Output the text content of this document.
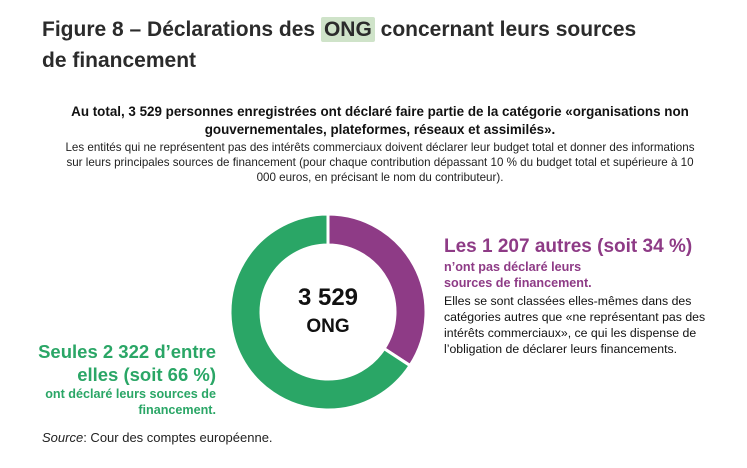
Figure 8 – Déclarations des ONG concernant leurs sources de financement
Au total, 3 529 personnes enregistrées ont déclaré faire partie de la catégorie «organisations non gouvernementales, plateformes, réseaux et assimilés».
Les entités qui ne représentent pas des intérêts commerciaux doivent déclarer leur budget total et donner des informations sur leurs principales sources de financement (pour chaque contribution dépassant 10 % du budget total et supérieure à 10 000 euros, en précisant le nom du contributeur).
3 529
ONG
Les 1 207 autres (soit 34 %)
n’ont pas déclaré leurs sources de financement.
Elles se sont classées elles-mêmes dans des catégories autres que «ne représentant pas des intérêts commerciaux», ce qui les dispense de l’obligation de déclarer leurs financements.
Seules 2 322 d’entre elles (soit 66 %)
ont déclaré leurs sources de financement.
Source: Cour des comptes européenne.
